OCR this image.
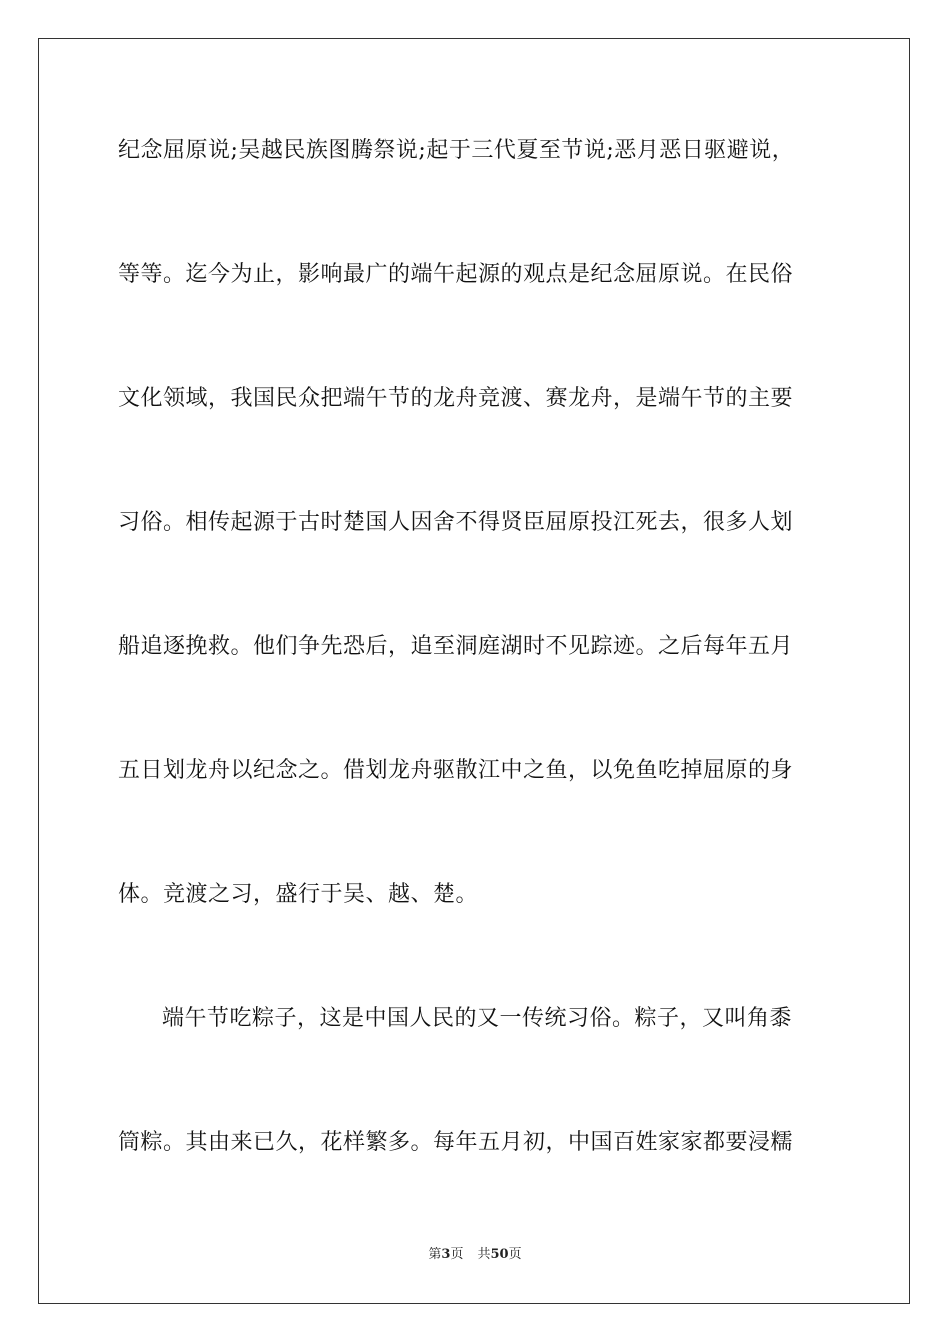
纪念屈原说;吴越民族图腾祭说;起于三代夏至节说;恶月恶日驱避说，
等等。迄今为止，影响最广的端午起源的观点是纪念屈原说。在民俗
文化领域，我国民众把端午节的龙舟竞渡、赛龙舟，是端午节的主要
习俗。相传起源于古时楚国人因舍不得贤臣屈原投江死去，很多人划
船追逐挽救。他们争先恐后，追至洞庭湖时不见踪迹。之后每年五月
五日划龙舟以纪念之。借划龙舟驱散江中之鱼，以免鱼吃掉屈原的身
体。竞渡之习，盛行于吴、越、楚。
端午节吃粽子，这是中国人民的又一传统习俗。粽子，又叫角黍
筒粽。其由来已久，花样繁多。每年五月初，中国百姓家家都要浸糯
第3页 共50页
